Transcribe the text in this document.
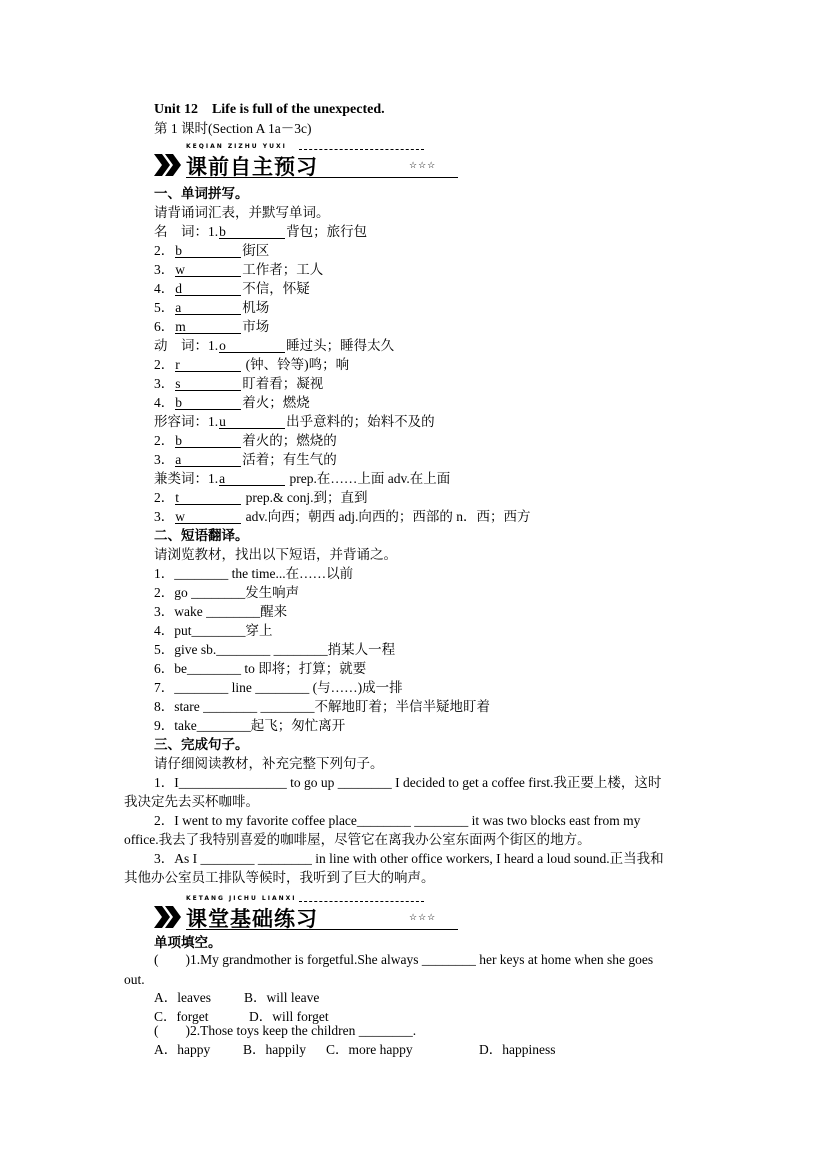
Unit 12　Life is full of the unexpected.
第 1 课时(Section A 1a－3c)
KEQIAN ZIZHU YUXI
课前自主预习	☆☆☆
一、单词拼写。
请背诵词汇表，并默写单词。
名　词：1.b	背包；旅行包
2．b	街区
3．w	工作者；工人
4．d	不信，怀疑
5．a	机场
6．m	市场
动　词：1.o	睡过头；睡得太久
2．r	(钟、铃等)鸣；响
3．s	盯着看；凝视
4．b	着火；燃烧
形容词：1.u	出乎意料的；始料不及的
2．b	着火的；燃烧的
3．a	活着；有生气的
兼类词：1.a	prep.在……上面 adv.在上面
2．t	prep.& conj.到；直到
3．w	adv.向西；朝西 adj.向西的；西部的 n．西；西方
二、短语翻译。
请浏览教材，找出以下短语，并背诵之。
1．________ the time...在……以前
2．go ________发生响声
3．wake ________醒来
4．put________穿上
5．give sb.________ ________捎某人一程
6．be________ to 即将；打算；就要
7．________ line ________ (与……)成一排
8．stare ________ ________不解地盯着；半信半疑地盯着
9．take________起飞；匆忙离开
三、完成句子。
请仔细阅读教材，补充完整下列句子。
1．I________________ to go up ________ I decided to get a coffee first.我正要上楼，这时
我决定先去买杯咖啡。
2．I went to my favorite coffee place________ ________ it was two blocks east from my
office.我去了我特别喜爱的咖啡屋，尽管它在离我办公室东面两个街区的地方。
3．As I ________ ________ in line with other office workers, I heard a loud sound.正当我和
其他办公室员工排队等候时，我听到了巨大的响声。
KETANG JICHU LIANXI
课堂基础练习	☆☆☆
单项填空。
(　　)1.My grandmother is forgetful.She always ________ her keys at home when she goes
out.
A．leaves B．will leave
C．forget	D．will forget
(　　)2.Those toys keep the children ________.
A．happy B．happily C．more happy	D．happiness
